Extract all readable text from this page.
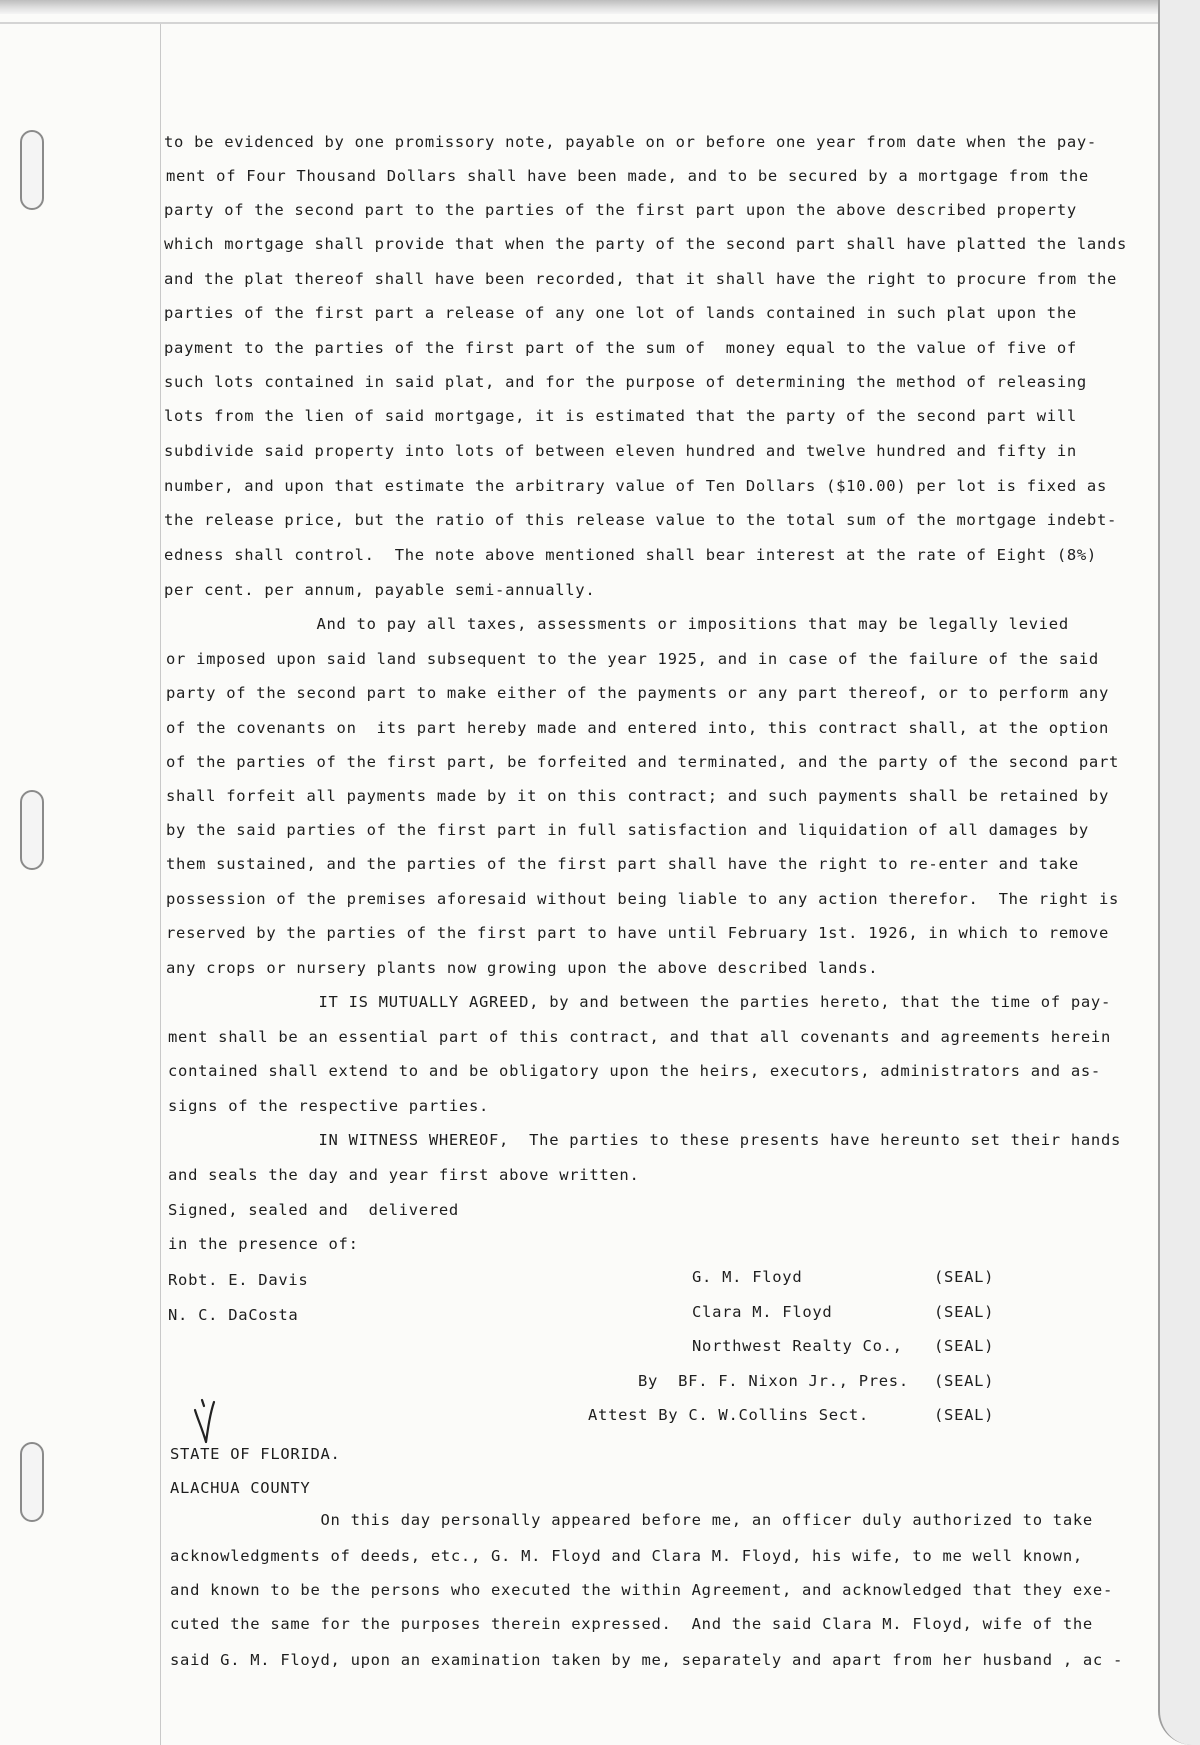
to be evidenced by one promissory note, payable on or before one year from date when the pay-

ment of Four Thousand Dollars shall have been made, and to be secured by a mortgage from the

party of the second part to the parties of the first part upon the above described property

which mortgage shall provide that when the party of the second part shall have platted the lands

and the plat thereof shall have been recorded, that it shall have the right to procure from the

parties of the first part a release of any one lot of lands contained in such plat upon the

payment to the parties of the first part of the sum of  money equal to the value of five of

such lots contained in said plat, and for the purpose of determining the method of releasing

lots from the lien of said mortgage, it is estimated that the party of the second part will

subdivide said property into lots of between eleven hundred and twelve hundred and fifty in

number, and upon that estimate the arbitrary value of Ten Dollars ($10.00) per lot is fixed as

the release price, but the ratio of this release value to the total sum of the mortgage indebt-

edness shall control.  The note above mentioned shall bear interest at the rate of Eight (8%)

per cent. per annum, payable semi-annually.

And to pay all taxes, assessments or impositions that may be legally levied

or imposed upon said land subsequent to the year 1925, and in case of the failure of the said

party of the second part to make either of the payments or any part thereof, or to perform any

of the covenants on  its part hereby made and entered into, this contract shall, at the option

of the parties of the first part, be forfeited and terminated, and the party of the second part

shall forfeit all payments made by it on this contract; and such payments shall be retained by

by the said parties of the first part in full satisfaction and liquidation of all damages by

them sustained, and the parties of the first part shall have the right to re-enter and take

possession of the premises aforesaid without being liable to any action therefor.  The right is

reserved by the parties of the first part to have until February 1st. 1926, in which to remove

any crops or nursery plants now growing upon the above described lands.

IT IS MUTUALLY AGREED, by and between the parties hereto, that the time of pay-

ment shall be an essential part of this contract, and that all covenants and agreements herein

contained shall extend to and be obligatory upon the heirs, executors, administrators and as-

signs of the respective parties.

IN WITNESS WHEREOF,  The parties to these presents have hereunto set their hands

and seals the day and year first above written.

Signed, sealed and  delivered

in the presence of:

Robt. E. Davis

N. C. DaCosta

G. M. Floyd	(SEAL)

Clara M. Floyd	(SEAL)

Northwest Realty Co., (SEAL)

By  BF. F. Nixon Jr., Pres. (SEAL)

Attest By C. W.Collins Sect.	(SEAL)

STATE OF FLORIDA.

ALACHUA COUNTY

On this day personally appeared before me, an officer duly authorized to take

acknowledgments of deeds, etc., G. M. Floyd and Clara M. Floyd, his wife, to me well known,

and known to be the persons who executed the within Agreement, and acknowledged that they exe-

cuted the same for the purposes therein expressed.  And the said Clara M. Floyd, wife of the

said G. M. Floyd, upon an examination taken by me, separately and apart from her husband , ac -
